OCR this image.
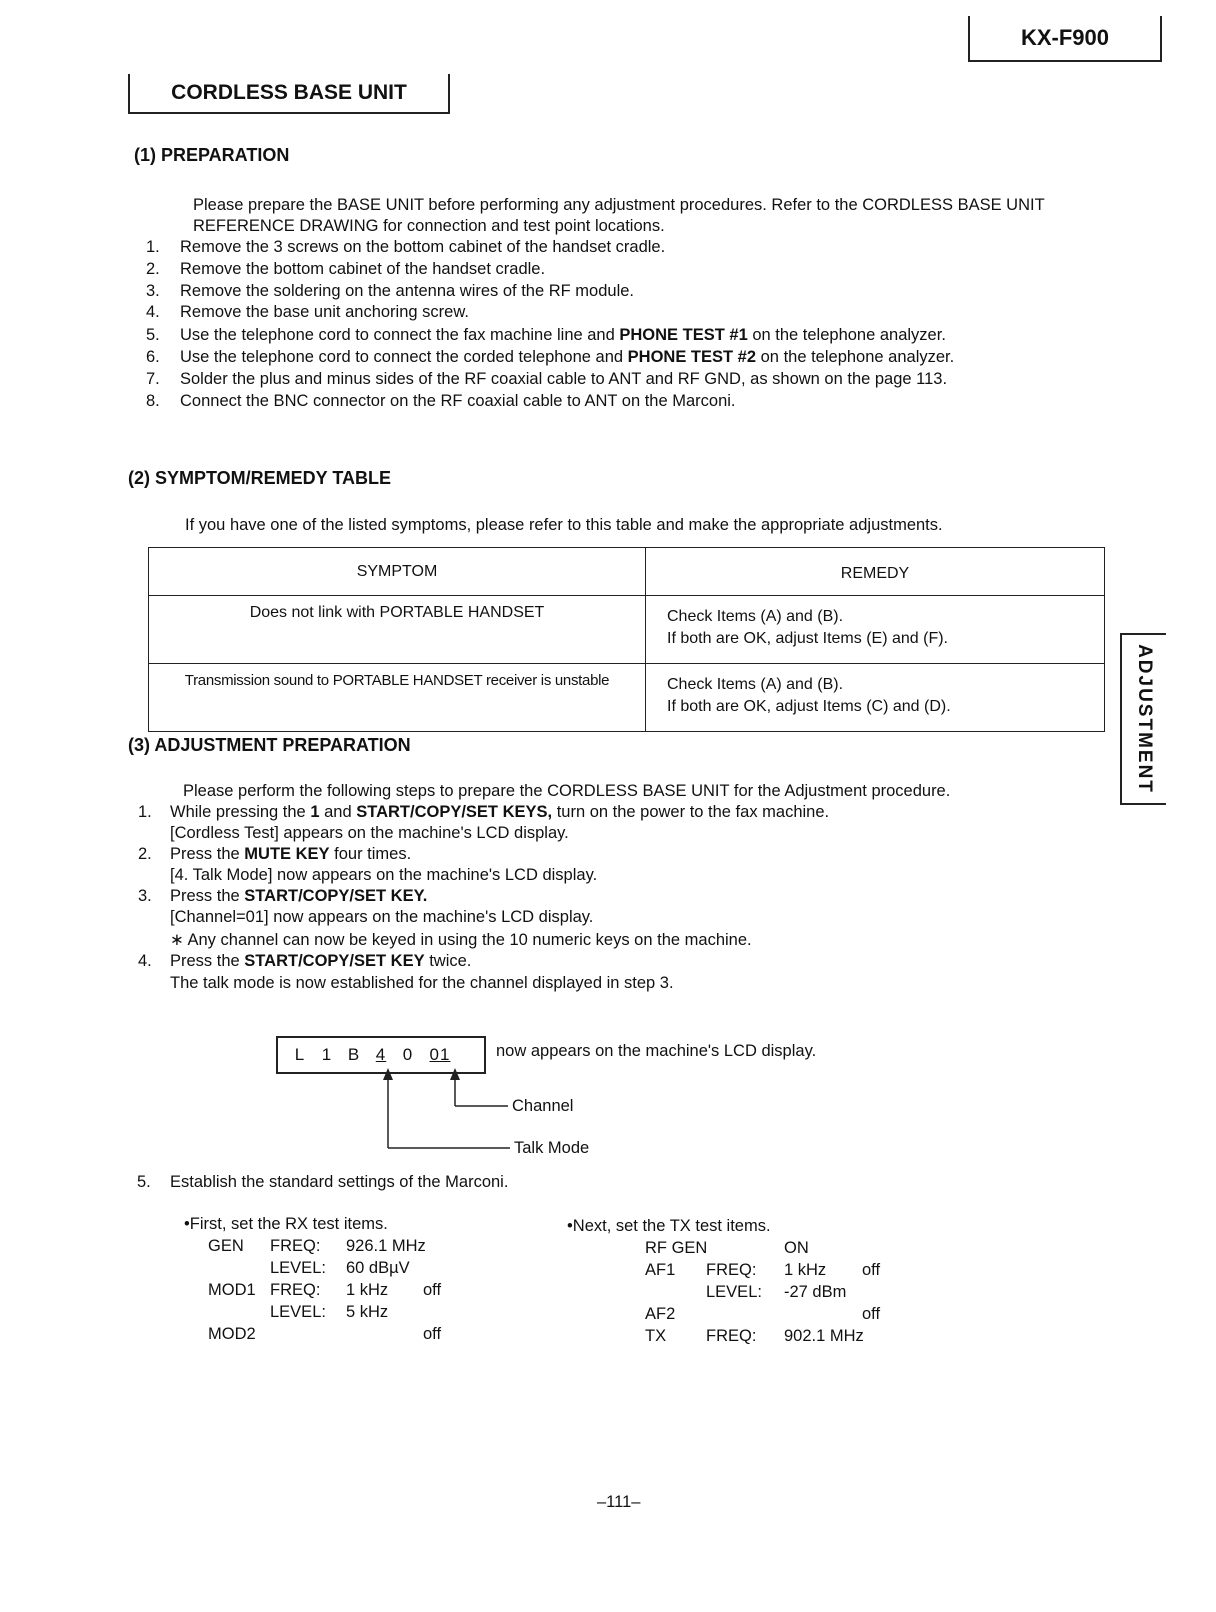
KX-F900
CORDLESS BASE UNIT
ADJUSTMENT
(1) PREPARATION
Please prepare the BASE UNIT before performing any adjustment procedures. Refer to the CORDLESS BASE UNIT
REFERENCE DRAWING for connection and test point locations.
1. Remove the 3 screws on the bottom cabinet of the handset cradle.
2. Remove the bottom cabinet of the handset cradle.
3. Remove the soldering on the antenna wires of the RF module.
4. Remove the base unit anchoring screw.
5. Use the telephone cord to connect the fax machine line and PHONE TEST #1 on the telephone analyzer.
6. Use the telephone cord to connect the corded telephone and PHONE TEST #2 on the telephone analyzer.
7. Solder the plus and minus sides of the RF coaxial cable to ANT and RF GND, as shown on the page 113.
8. Connect the BNC connector on the RF coaxial cable to ANT on the Marconi.
(2) SYMPTOM/REMEDY TABLE
If you have one of the listed symptoms, please refer to this table and make the appropriate adjustments.
SYMPTOM	REMEDY
Does not link with PORTABLE HANDSET	Check Items (A) and (B).
If both are OK, adjust Items (E) and (F).

Transmission sound to PORTABLE HANDSET receiver is unstable	Check Items (A) and (B).
If both are OK, adjust Items (C) and (D).
(3) ADJUSTMENT PREPARATION
Please perform the following steps to prepare the CORDLESS BASE UNIT for the Adjustment procedure.
1. While pressing the 1 and START/COPY/SET KEYS, turn on the power to the fax machine.
[Cordless Test] appears on the machine's LCD display.
2. Press the MUTE KEY four times.
[4. Talk Mode] now appears on the machine's LCD display.
3. Press the START/COPY/SET KEY.
[Channel=01] now appears on the machine's LCD display.
∗ Any channel can now be keyed in using the 10 numeric keys on the machine.
4. Press the START/COPY/SET KEY twice.
The talk mode is now established for the channel displayed in step 3.
L 1 B 4 0 01	now appears on the machine's LCD display.
Channel
Talk Mode
5. Establish the standard settings of the Marconi.
•First, set the RX test items.
GEN FREQ: 926.1 MHz
LEVEL: 60 dBµV
MOD1 FREQ: 1 kHz off
LEVEL: 5 kHz
MOD2	off
•Next, set the TX test items.
RF GEN	ON
AF1 FREQ: 1 kHz off
LEVEL: -27 dBm
AF2	off
TX FREQ: 902.1 MHz
–111–
